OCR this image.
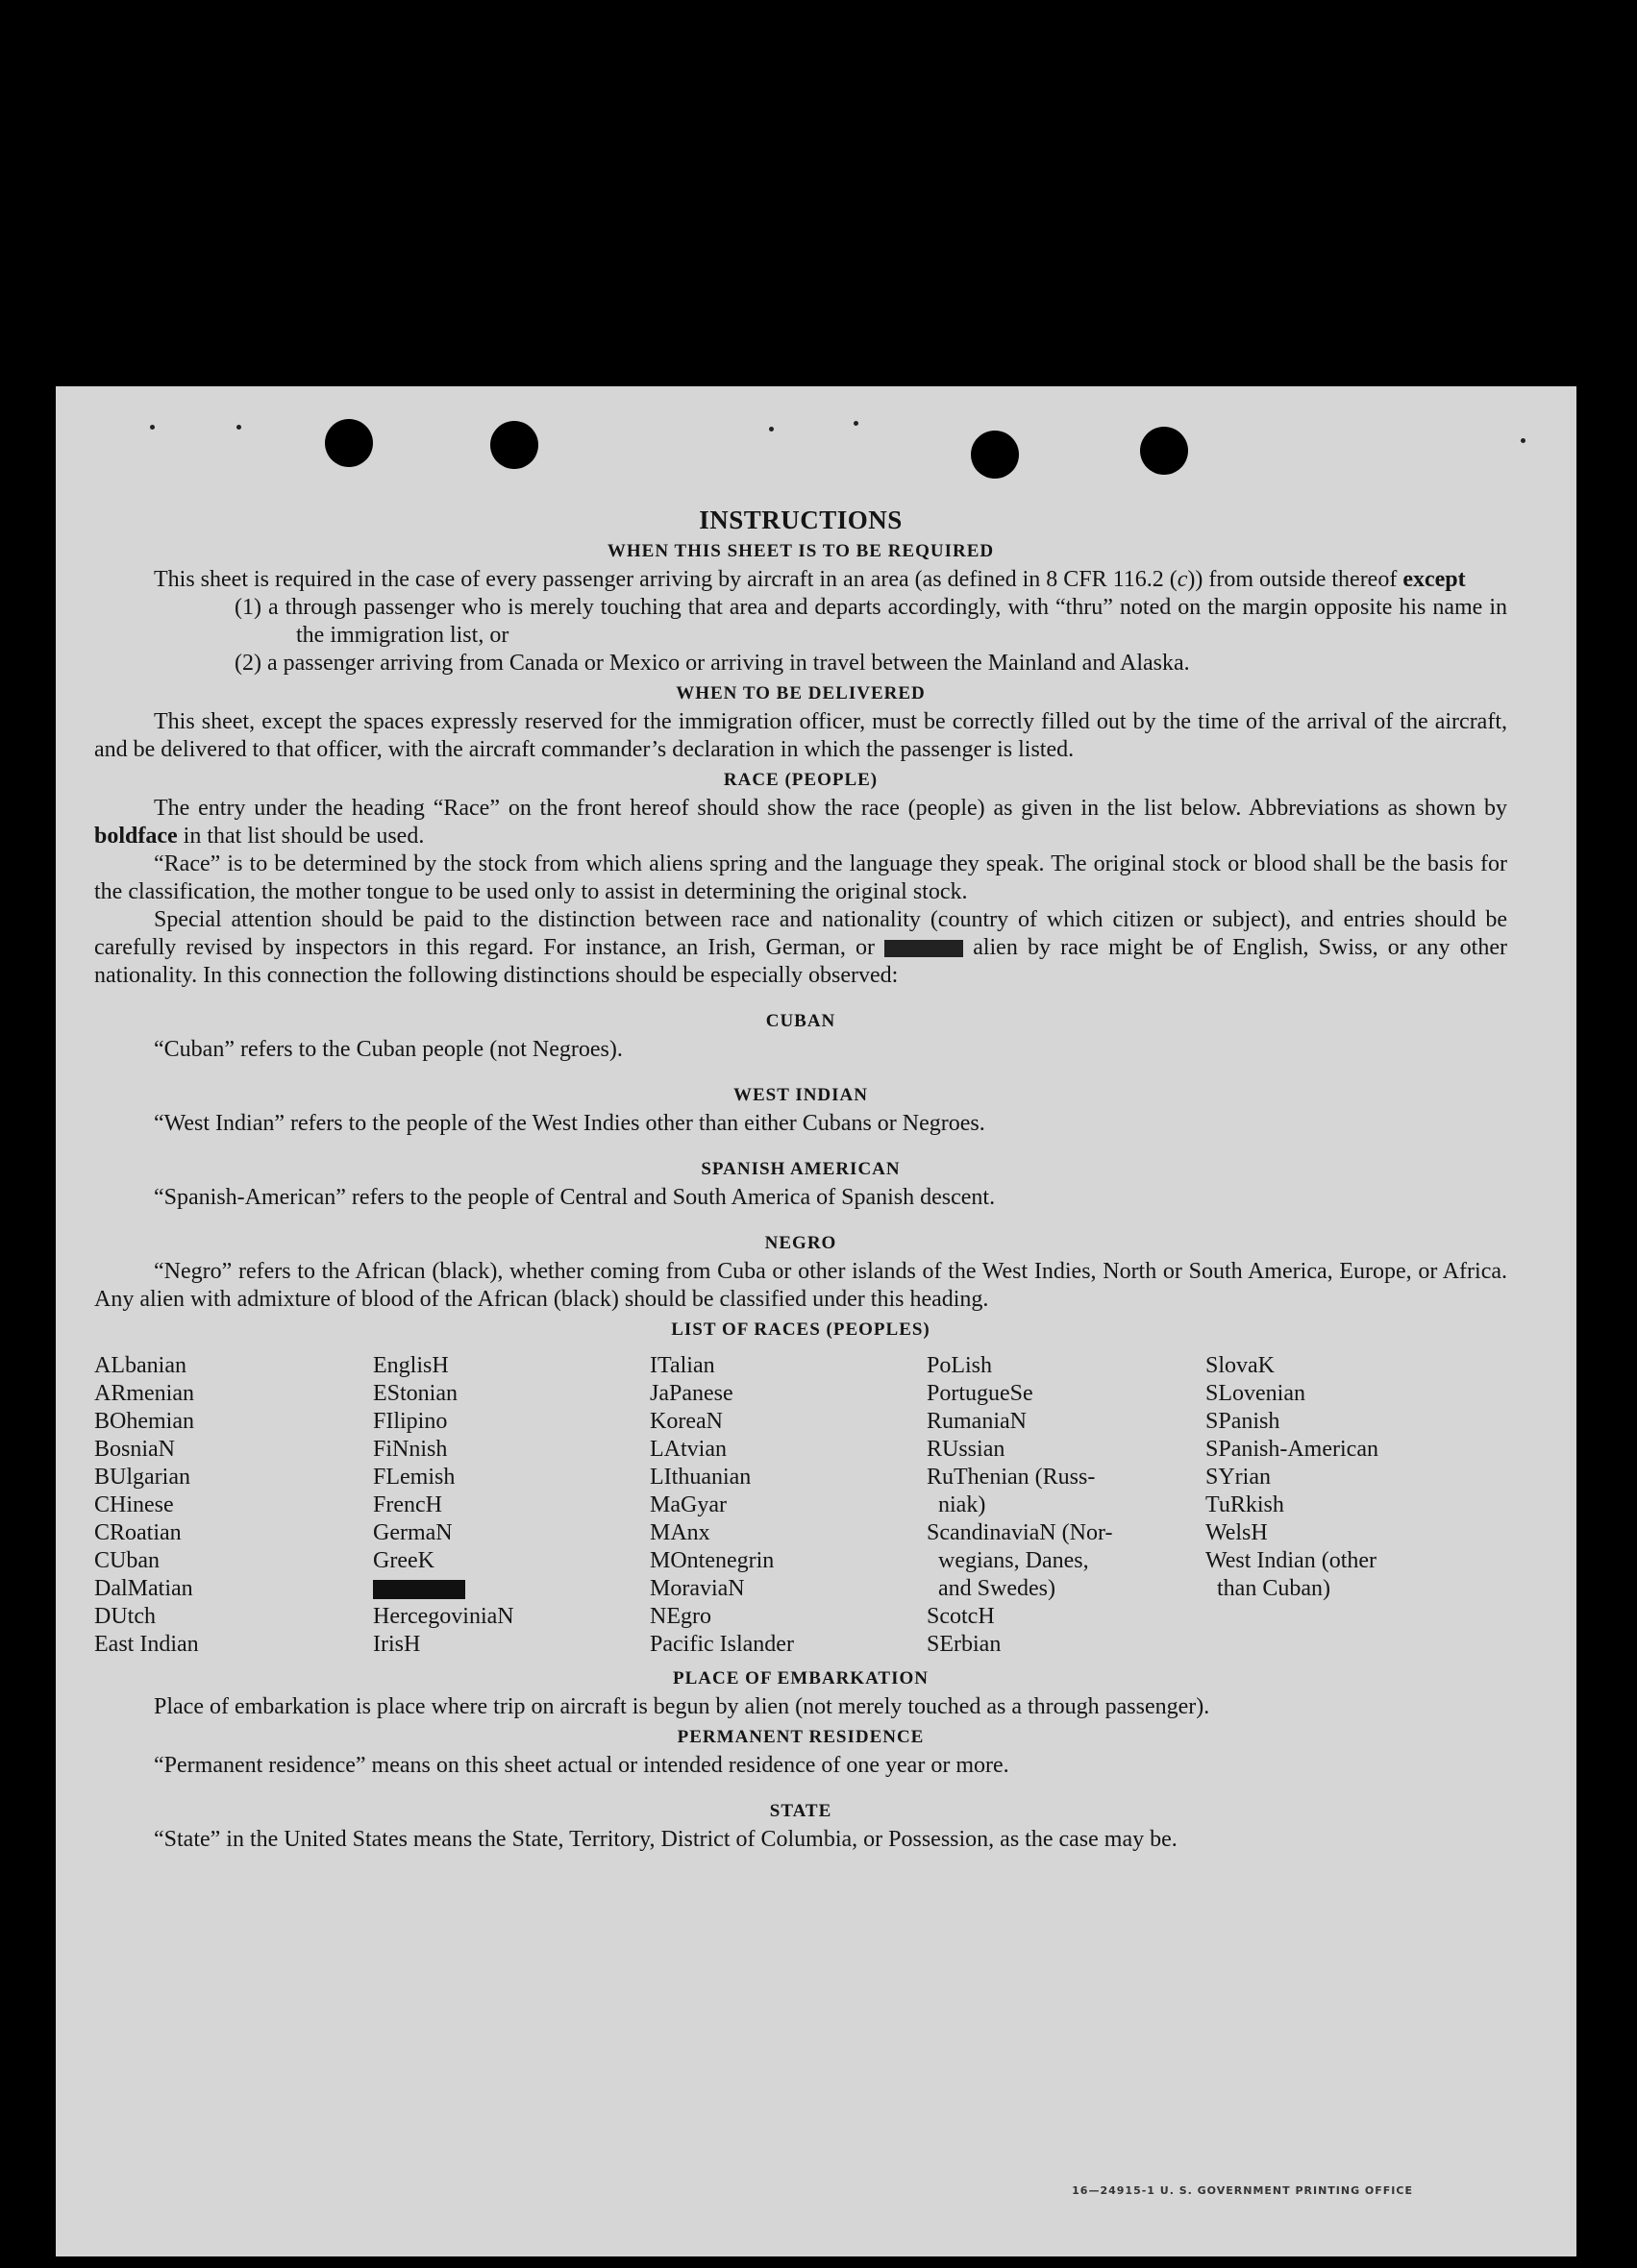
INSTRUCTIONS
WHEN THIS SHEET IS TO BE REQUIRED

This sheet is required in the case of every passenger arriving by aircraft in an area (as defined in 8 CFR 116.2 (c)) from outside thereof except

(1) a through passenger who is merely touching that area and departs accordingly, with “thru” noted on the margin opposite his name in the immigration list, or

(2) a passenger arriving from Canada or Mexico or arriving in travel between the Mainland and Alaska.

WHEN TO BE DELIVERED

This sheet, except the spaces expressly reserved for the immigration officer, must be correctly filled out by the time of the arrival of the aircraft, and be delivered to that officer, with the aircraft commander’s declaration in which the passenger is listed.

RACE (PEOPLE)

The entry under the heading “Race” on the front hereof should show the race (people) as given in the list below. Abbreviations as shown by boldface in that list should be used.

“Race” is to be determined by the stock from which aliens spring and the language they speak. The original stock or blood shall be the basis for the classification, the mother tongue to be used only to assist in determining the original stock.

Special attention should be paid to the distinction between race and nationality (country of which citizen or subject), and entries should be carefully revised by inspectors in this regard. For instance, an Irish, German, or	alien by race might be of English, Swiss, or any other nationality. In this connection the following distinctions should be especially observed:

CUBAN

“Cuban” refers to the Cuban people (not Negroes).

WEST INDIAN

“West Indian” refers to the people of the West Indies other than either Cubans or Negroes.

SPANISH AMERICAN

“Spanish-American” refers to the people of Central and South America of Spanish descent.

NEGRO

“Negro” refers to the African (black), whether coming from Cuba or other islands of the West Indies, North or South America, Europe, or Africa. Any alien with admixture of blood of the African (black) should be classified under this heading.

LIST OF RACES (PEOPLES)
ALbanian
ARmenian
BOhemian
BosniaN
BUlgarian
CHinese
CRoatian
CUban
DalMatian
DUtch
East Indian
EnglisH
EStonian
FIlipino
FiNnish
FLemish
FrencH
GermaN
GreeK
HercegoviniaN
IrisH
ITalian
JaPanese
KoreaN
LAtvian
LIthuanian
MaGyar
MAnx
MOntenegrin
MoraviaN
NEgro
Pacific Islander
PoLish
PortugueSe
RumaniaN
RUssian
RuThenian (Russ-
niak)
ScandinaviaN (Nor-
wegians, Danes,
and Swedes)
ScotcH
SErbian
SlovaK
SLovenian
SPanish
SPanish-American
SYrian
TuRkish
WelsH
West Indian (other
than Cuban)
PLACE OF EMBARKATION

Place of embarkation is place where trip on aircraft is begun by alien (not merely touched as a through passenger).

PERMANENT RESIDENCE

“Permanent residence” means on this sheet actual or intended residence of one year or more.

STATE

“State” in the United States means the State, Territory, District of Columbia, or Possession, as the case may be.

16—24915-1 U. S. GOVERNMENT PRINTING OFFICE
